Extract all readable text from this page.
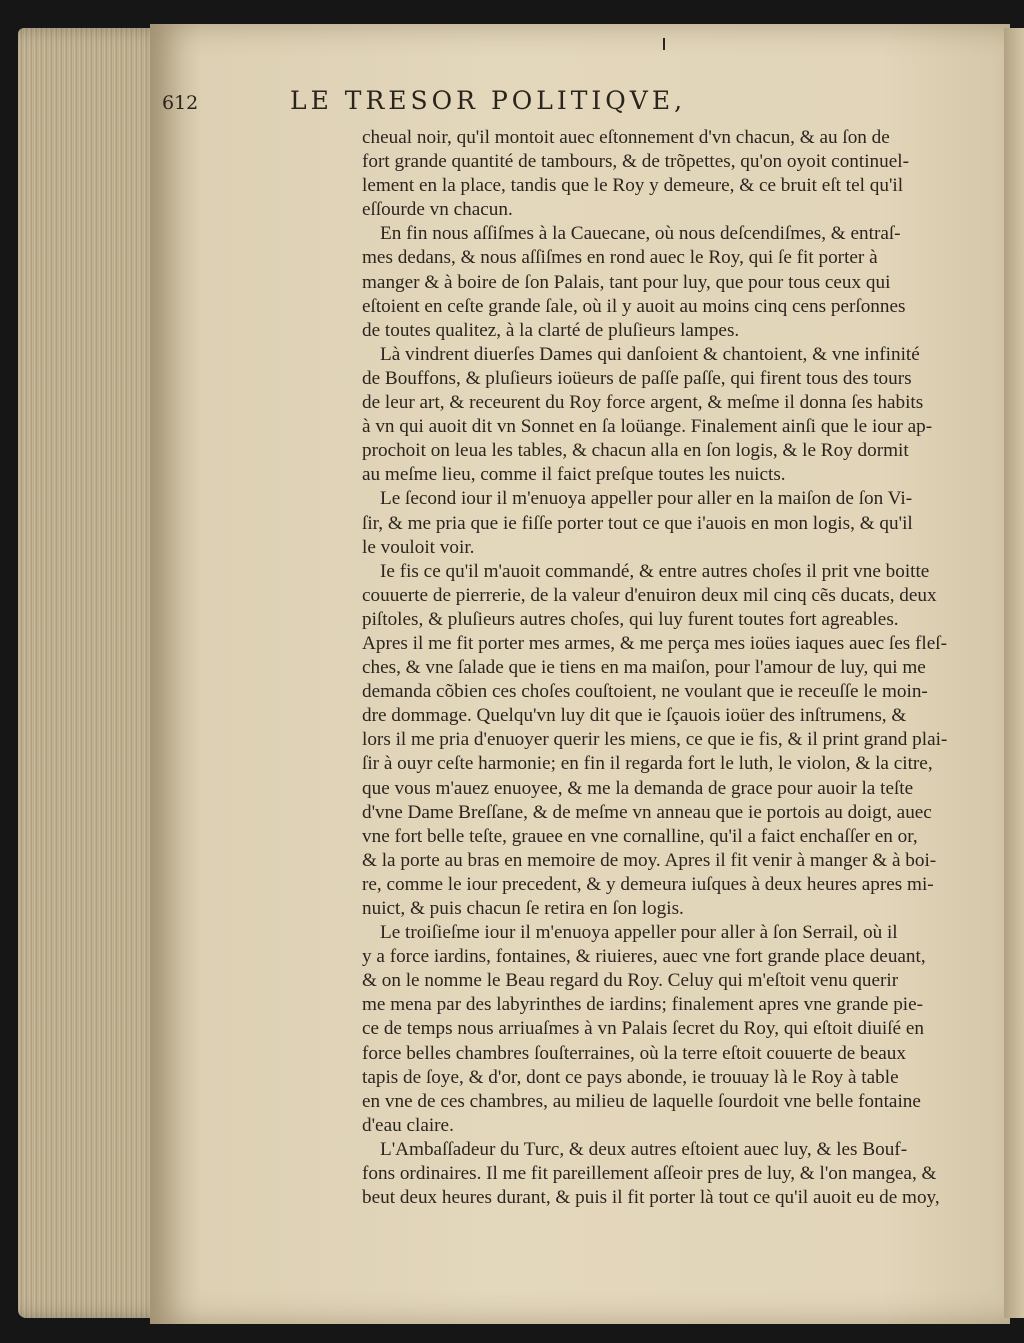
612	LE TRESOR POLITIQVE,
cheual noir, qu'il montoit auec eſtonnement d'vn chacun, & au ſon de
fort grande quantité de tambours, & de trõpettes, qu'on oyoit continuel-
lement en la place, tandis que le Roy y demeure, & ce bruit eſt tel qu'il
eſſourde vn chacun.
En fin nous aſſiſmes à la Cauecane, où nous deſcendiſmes, & entraſ-
mes dedans, & nous aſſiſmes en rond auec le Roy, qui ſe fit porter à
manger & à boire de ſon Palais, tant pour luy, que pour tous ceux qui
eſtoient en ceſte grande ſale, où il y auoit au moins cinq cens perſonnes
de toutes qualitez, à la clarté de pluſieurs lampes.
Là vindrent diuerſes Dames qui danſoient & chantoient, & vne infinité
de Bouffons, & pluſieurs ioüeurs de paſſe paſſe, qui firent tous des tours
de leur art, & receurent du Roy force argent, & meſme il donna ſes habits
à vn qui auoit dit vn Sonnet en ſa loüange. Finalement ainſi que le iour ap-
prochoit on leua les tables, & chacun alla en ſon logis, & le Roy dormit
au meſme lieu, comme il faict preſque toutes les nuicts.
Le ſecond iour il m'enuoya appeller pour aller en la maiſon de ſon Vi-
ſir, & me pria que ie fiſſe porter tout ce que i'auois en mon logis, & qu'il
le vouloit voir.
Ie fis ce qu'il m'auoit commandé, & entre autres choſes il prit vne boitte
couuerte de pierrerie, de la valeur d'enuiron deux mil cinq cẽs ducats, deux
piſtoles, & pluſieurs autres choſes, qui luy furent toutes fort agreables.
Apres il me fit porter mes armes, & me perça mes ioües iaques auec ſes fleſ-
ches, & vne ſalade que ie tiens en ma maiſon, pour l'amour de luy, qui me
demanda cõbien ces choſes couſtoient, ne voulant que ie receuſſe le moin-
dre dommage. Quelqu'vn luy dit que ie ſçauois ioüer des inſtrumens, &
lors il me pria d'enuoyer querir les miens, ce que ie fis, & il print grand plai-
ſir à ouyr ceſte harmonie; en fin il regarda fort le luth, le violon, & la citre,
que vous m'auez enuoyee, & me la demanda de grace pour auoir la teſte
d'vne Dame Breſſane, & de meſme vn anneau que ie portois au doigt, auec
vne fort belle teſte, grauee en vne cornalline, qu'il a faict enchaſſer en or,
& la porte au bras en memoire de moy. Apres il fit venir à manger & à boi-
re, comme le iour precedent, & y demeura iuſques à deux heures apres mi-
nuict, & puis chacun ſe retira en ſon logis.
Le troiſieſme iour il m'enuoya appeller pour aller à ſon Serrail, où il
y a force iardins, fontaines, & riuieres, auec vne fort grande place deuant,
& on le nomme le Beau regard du Roy. Celuy qui m'eſtoit venu querir
me mena par des labyrinthes de iardins; finalement apres vne grande pie-
ce de temps nous arriuaſmes à vn Palais ſecret du Roy, qui eſtoit diuiſé en
force belles chambres ſouſterraines, où la terre eſtoit couuerte de beaux
tapis de ſoye, & d'or, dont ce pays abonde, ie trouuay là le Roy à table
en vne de ces chambres, au milieu de laquelle ſourdoit vne belle fontaine
d'eau claire.
L'Ambaſſadeur du Turc, & deux autres eſtoient auec luy, & les Bouf-
fons ordinaires. Il me fit pareillement aſſeoir pres de luy, & l'on mangea, &
beut deux heures durant, & puis il fit porter là tout ce qu'il auoit eu de moy,
